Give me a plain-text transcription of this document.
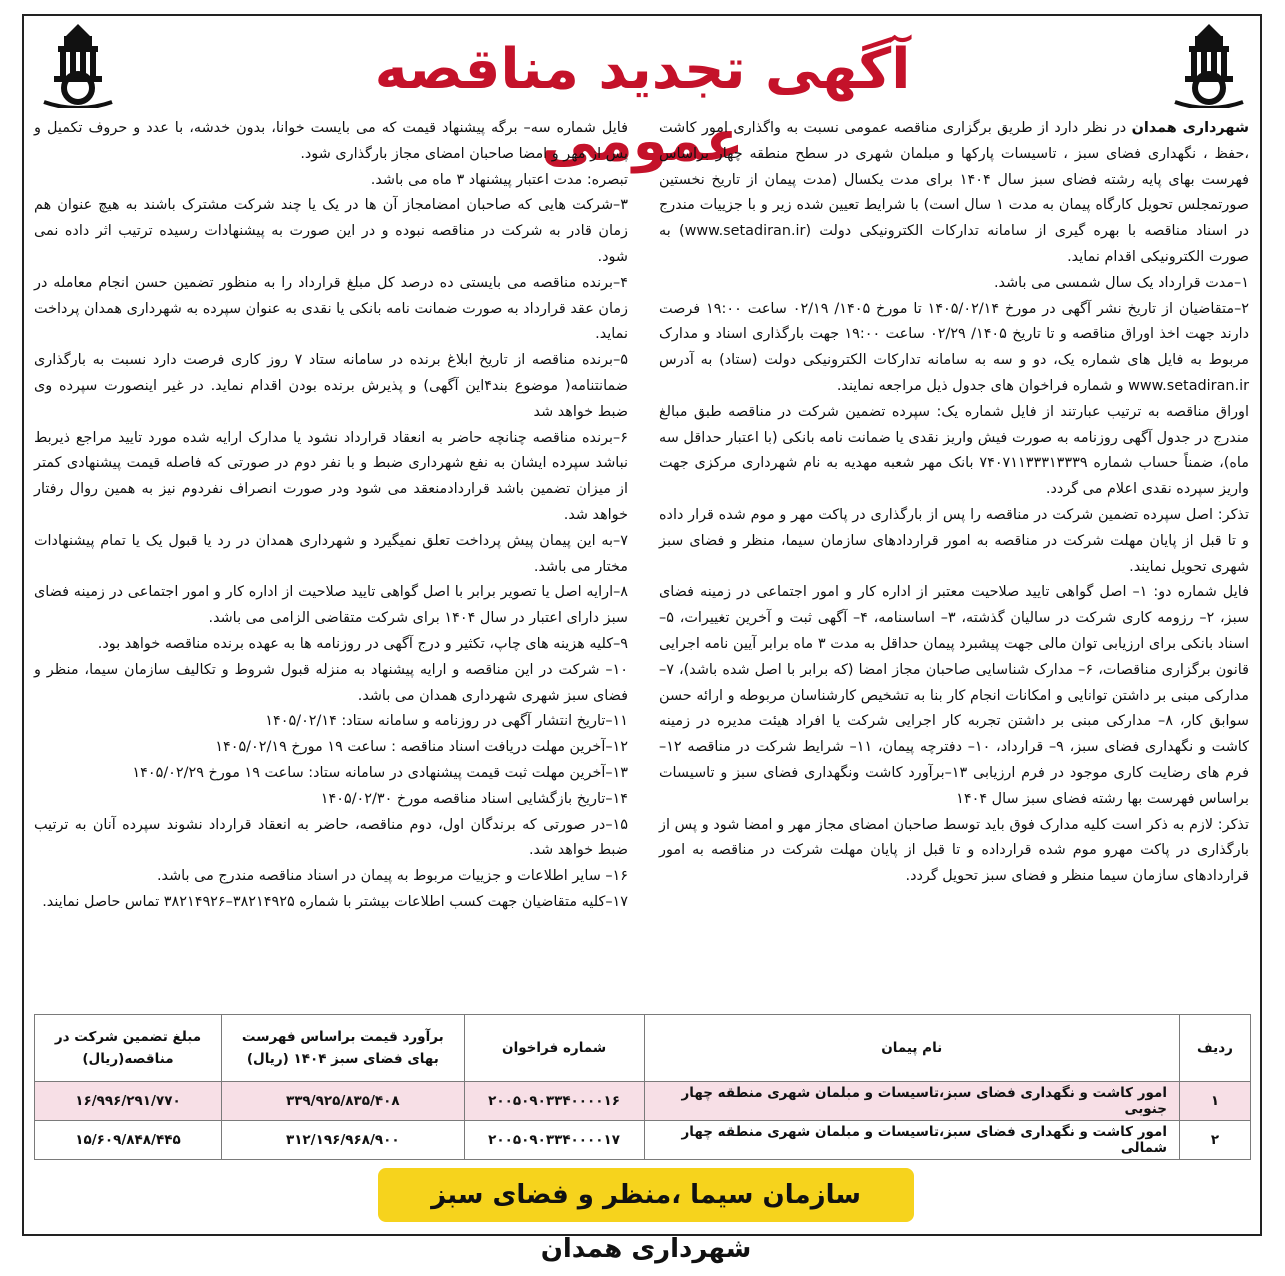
آگهی تجدید مناقصه عمومی	شهرداری همدان در نظر دارد از طریق برگزاری مناقصه عمومی نسبت به واگذاری امور کاشت ،حفظ ، نگهداری فضای سبز ، تاسیسات پارکها و مبلمان شهری در سطح منطقه چهار براساس فهرست بهای پایه رشته فضای سبز سال ۱۴۰۴ برای مدت یکسال (مدت پیمان از تاریخ نخستین صورتمجلس تحویل کارگاه پیمان به مدت ۱ سال است) با شرایط تعیین شده زیر و با جزییات مندرج در اسناد مناقصه با بهره گیری از سامانه تدارکات الکترونیکی دولت (www.setadiran.ir) به صورت الکترونیکی اقدام نماید.

۱–مدت قرارداد یک سال شمسی می باشد.

۲–متقاضیان از تاریخ نشر آگهی در مورخ ۱۴۰۵/۰۲/۱۴ تا مورخ ۱۴۰۵/ ۰۲/۱۹ ساعت ۱۹:۰۰ فرصت دارند جهت اخذ اوراق مناقصه و تا تاریخ ۱۴۰۵/ ۰۲/۲۹ ساعت ۱۹:۰۰ جهت بارگذاری اسناد و مدارک مربوط به فایل های شماره یک، دو و سه به سامانه تدارکات الکترونیکی دولت (ستاد) به آدرس www.setadiran.ir و شماره فراخوان های جدول ذیل مراجعه نمایند.

اوراق مناقصه به ترتیب عبارتند از فایل شماره یک: سپرده تضمین شرکت در مناقصه طبق مبالغ مندرج در جدول آگهی روزنامه به صورت فیش واریز نقدی یا ضمانت نامه بانکی (با اعتبار حداقل سه ماه)، ضمناً حساب شماره ۷۴۰۷۱۱۳۳۳۱۳۳۳۹ بانک مهر شعبه مهدیه به نام شهرداری مرکزی جهت واریز سپرده نقدی اعلام می گردد.

تذکر: اصل سپرده تضمین شرکت در مناقصه را پس از بارگذاری در پاکت مهر و موم شده قرار داده و تا قبل از پایان مهلت شرکت در مناقصه به امور قراردادهای سازمان سیما، منظر و فضای سبز شهری تحویل نمایند.

فایل شماره دو: ۱– اصل گواهی تایید صلاحیت معتبر از اداره کار و امور اجتماعی در زمینه فضای سبز، ۲– رزومه کاری شرکت در سالیان گذشته، ۳– اساسنامه، ۴– آگهی ثبت و آخرین تغییرات، ۵– اسناد بانکی برای ارزیابی توان مالی جهت پیشبرد پیمان حداقل به مدت ۳ ماه برابر آیین نامه اجرایی قانون برگزاری مناقصات، ۶– مدارک شناسایی صاحبان مجاز امضا (که برابر با اصل شده باشد)، ۷– مدارکی مبنی بر داشتن توانایی و امکانات انجام کار بنا به تشخیص کارشناسان مربوطه و ارائه حسن سوابق کار، ۸– مدارکی مبنی بر داشتن تجربه کار اجرایی شرکت یا افراد هیئت مدیره در زمینه کاشت و نگهداری فضای سبز، ۹– قرارداد، ۱۰– دفترچه پیمان، ۱۱– شرایط شرکت در مناقصه ۱۲–فرم های رضایت کاری موجود در فرم ارزیابی ۱۳–برآورد کاشت ونگهداری فضای سبز و تاسیسات براساس فهرست بها رشته فضای سبز سال ۱۴۰۴

تذکر: لازم به ذکر است کلیه مدارک فوق باید توسط صاحبان امضای مجاز مهر و امضا شود و پس از بارگذاری در پاکت مهرو موم شده قرارداده و تا قبل از پایان مهلت شرکت در مناقصه به امور قراردادهای سازمان سیما منظر و فضای سبز تحویل گردد.

فایل شماره سه– برگه پیشنهاد قیمت که می بایست خوانا، بدون خدشه، با عدد و حروف تکمیل و پس از مهر و امضا صاحبان امضای مجاز بارگذاری شود.

تبصره: مدت اعتبار پیشنهاد ۳ ماه می باشد.

۳–شرکت هایی که صاحبان امضامجاز آن ها در یک یا چند شرکت مشترک باشند به هیچ عنوان هم زمان قادر به شرکت در مناقصه نبوده و در این صورت به پیشنهادات رسیده ترتیب اثر داده نمی شود.

۴–برنده مناقصه می بایستی ده درصد کل مبلغ قرارداد را به منظور تضمین حسن انجام معامله در زمان عقد قرارداد به صورت ضمانت نامه بانکی یا نقدی به عنوان سپرده به شهرداری همدان پرداخت نماید.

۵–برنده مناقصه از تاریخ ابلاغ برنده در سامانه ستاد ۷ روز کاری فرصت دارد نسبت به بارگذاری ضمانتنامه( موضوع بند۴این آگهی) و پذیرش برنده بودن اقدام نماید. در غیر اینصورت سپرده وی ضبط خواهد شد

۶–برنده مناقصه چنانچه حاضر به انعقاد قرارداد نشود یا مدارک ارایه شده مورد تایید مراجع ذیربط نباشد سپرده ایشان به نفع شهرداری ضبط و با نفر دوم در صورتی که فاصله قیمت پیشنهادی کمتر از میزان تضمین باشد قراردادمنعقد می شود ودر صورت انصراف نفردوم نیز به همین روال رفتار خواهد شد.

۷–به این پیمان پیش پرداخت تعلق نمیگیرد و شهرداری همدان در رد یا قبول یک یا تمام پیشنهادات مختار می باشد.

۸–ارایه اصل یا تصویر برابر با اصل گواهی تایید صلاحیت از اداره کار و امور اجتماعی در زمینه فضای سبز دارای اعتبار در سال ۱۴۰۴ برای شرکت متقاضی الزامی می باشد.

۹–کلیه هزینه های چاپ، تکثیر و درج آگهی در روزنامه ها به عهده برنده مناقصه خواهد بود.

۱۰– شرکت در این مناقصه و ارایه پیشنهاد به منزله قبول شروط و تکالیف سازمان سیما، منظر و فضای سبز شهری شهرداری همدان می باشد.

۱۱–تاریخ انتشار آگهی در روزنامه و سامانه ستاد: ۱۴۰۵/۰۲/۱۴

۱۲–آخرین مهلت دریافت اسناد مناقصه : ساعت ۱۹ مورخ ۱۴۰۵/۰۲/۱۹

۱۳–آخرین مهلت ثبت قیمت پیشنهادی در سامانه ستاد: ساعت ۱۹ مورخ ۱۴۰۵/۰۲/۲۹

۱۴–تاریخ بازگشایی اسناد مناقصه مورخ ۱۴۰۵/۰۲/۳۰

۱۵–در صورتی که برندگان اول، دوم مناقصه، حاضر به انعقاد قرارداد نشوند سپرده آنان به ترتیب ضبط خواهد شد.

۱۶– سایر اطلاعات و جزییات مربوط به پیمان در اسناد مناقصه مندرج می باشد.

۱۷–کلیه متقاضیان جهت کسب اطلاعات بیشتر با شماره ۳۸۲۱۴۹۲۵–۳۸۲۱۴۹۲۶ تماس حاصل نمایند.

ردیف	نام پیمان	شماره فراخوان	برآورد قیمت براساس فهرست بهای فضای سبز ۱۴۰۴ (ریال)	مبلغ تضمین شرکت در مناقصه(ریال)
۱	امور کاشت و نگهداری فضای سبز،تاسیسات و مبلمان شهری منطقه چهار جنوبی	۲۰۰۵۰۹۰۳۳۴۰۰۰۰۱۶	۳۳۹/۹۲۵/۸۳۵/۴۰۸	۱۶/۹۹۶/۲۹۱/۷۷۰
۲	امور کاشت و نگهداری فضای سبز،تاسیسات و مبلمان شهری منطقه چهار شمالی	۲۰۰۵۰۹۰۳۳۴۰۰۰۰۱۷	۳۱۲/۱۹۶/۹۶۸/۹۰۰	۱۵/۶۰۹/۸۴۸/۴۴۵
سازمان سیما ،منظر و فضای سبز شهرداری همدان
